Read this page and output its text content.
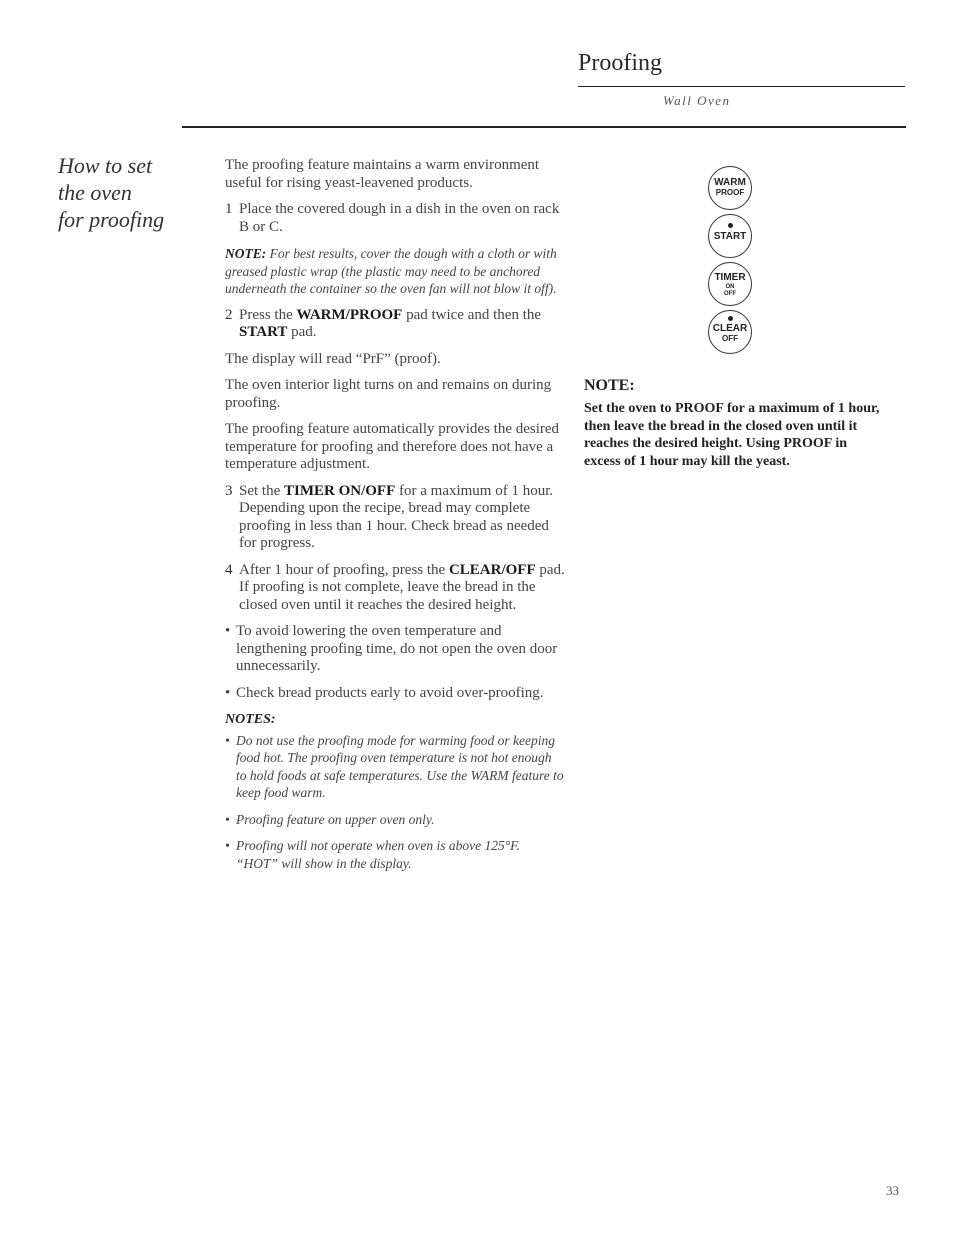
Proofing
Wall Oven
How to set
the oven
for proofing

The proofing feature maintains a warm environment useful for rising yeast-leavened products.

1 Place the covered dough in a dish in the oven on rack B or C.
NOTE: For best results, cover the dough with a cloth or with greased plastic wrap (the plastic may need to be anchored underneath the container so the oven fan will not blow it off).
2 Press the WARM/PROOF pad twice and then the START pad.

The display will read “PrF” (proof).

The oven interior light turns on and remains on during proofing.

The proofing feature automatically provides the desired temperature for proofing and therefore does not have a temperature adjustment.

3 Set the TIMER ON/OFF for a maximum of 1 hour. Depending upon the recipe, bread may complete proofing in less than 1 hour. Check bread as needed for progress.
4 After 1 hour of proofing, press the CLEAR/OFF pad. If proofing is not complete, leave the bread in the closed oven until it reaches the desired height.
• To avoid lowering the oven temperature and lengthening proofing time, do not open the oven door unnecessarily.
• Check bread products early to avoid over-proofing.
NOTES:
• Do not use the proofing mode for warming food or keeping food hot. The proofing oven temperature is not hot enough to hold foods at safe temperatures. Use the WARM feature to keep food warm.
• Proofing feature on upper oven only.
• Proofing will not operate when oven is above 125°F. “HOT” will show in the display.
WARM
PROOF
START
TIMER
ON
OFF
CLEAR
OFF
NOTE:
Set the oven to PROOF for a maximum of 1 hour, then leave the bread in the closed oven until it reaches the desired height. Using PROOF in excess of 1 hour may kill the yeast.
33
